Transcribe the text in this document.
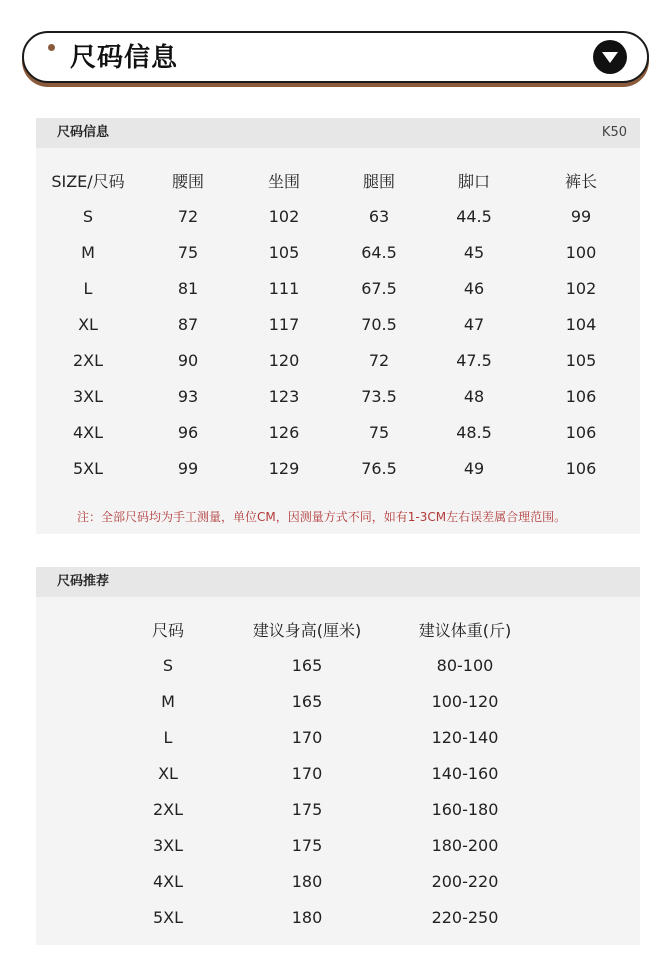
尺码信息
尺码信息	K50
SIZE/尺码	腰围	坐围	腿围	脚口	裤长
S	72	102	63	44.5	99
M	75	105	64.5	45	100
L	81	111	67.5	46	102
XL	87	117	70.5	47	104
2XL	90	120	72	47.5	105
3XL	93	123	73.5	48	106
4XL	96	126	75	48.5	106
5XL	99	129	76.5	49	106
注：全部尺码均为手工测量，单位CM，因测量方式不同，如有1-3CM左右误差属合理范围。
尺码推荐
尺码	建议身高(厘米)	建议体重(斤)
S	165	80-100
M	165	100-120
L	170	120-140
XL	170	140-160
2XL	175	160-180
3XL	175	180-200
4XL	180	200-220
5XL	180	220-250
